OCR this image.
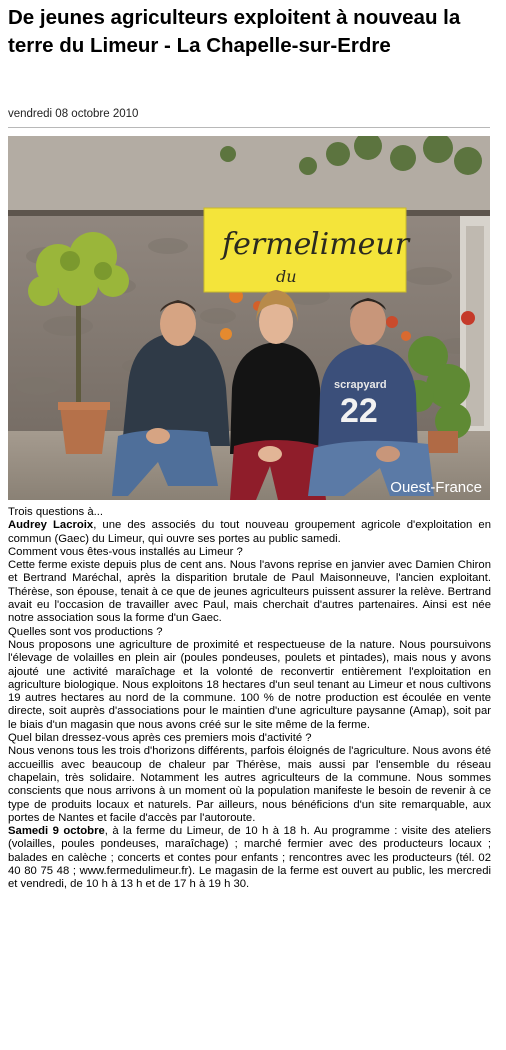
De jeunes agriculteurs exploitent à nouveau la terre du Limeur - La Chapelle-sur-Erdre
vendredi 08 octobre 2010
ferme
limeur
du
scrapyard
22
Ouest-France

Trois questions à...

Audrey Lacroix, une des associés du tout nouveau groupement agricole d'exploitation en commun (Gaec) du Limeur, qui ouvre ses portes au public samedi.

Comment vous êtes-vous installés au Limeur ?

Cette ferme existe depuis plus de cent ans. Nous l'avons reprise en janvier avec Damien Chiron et Bertrand Maréchal, après la disparition brutale de Paul Maisonneuve, l'ancien exploitant. Thérèse, son épouse, tenait à ce que de jeunes agriculteurs puissent assurer la relève. Bertrand avait eu l'occasion de travailler avec Paul, mais cherchait d'autres partenaires. Ainsi est née notre association sous la forme d'un Gaec.

Quelles sont vos productions ?

Nous proposons une agriculture de proximité et respectueuse de la nature. Nous poursuivons l'élevage de volailles en plein air (poules pondeuses, poulets et pintades), mais nous y avons ajouté une activité maraîchage et la volonté de reconvertir entièrement l'exploitation en agriculture biologique. Nous exploitons 18 hectares d'un seul tenant au Limeur et nous cultivons 19 autres hectares au nord de la commune. 100 % de notre production est écoulée en vente directe, soit auprès d'associations pour le maintien d'une agriculture paysanne (Amap), soit par le biais d'un magasin que nous avons créé sur le site même de la ferme.

Quel bilan dressez-vous après ces premiers mois d'activité ?

Nous venons tous les trois d'horizons différents, parfois éloignés de l'agriculture. Nous avons été accueillis avec beaucoup de chaleur par Thérèse, mais aussi par l'ensemble du réseau chapelain, très solidaire. Notamment les autres agriculteurs de la commune. Nous sommes conscients que nous arrivons à un moment où la population manifeste le besoin de revenir à ce type de produits locaux et naturels. Par ailleurs, nous bénéficions d'un site remarquable, aux portes de Nantes et facile d'accès par l'autoroute.

Samedi 9 octobre, à la ferme du Limeur, de 10 h à 18 h. Au programme : visite des ateliers (volailles, poules pondeuses, maraîchage) ; marché fermier avec des producteurs locaux ; balades en calèche ; concerts et contes pour enfants ; rencontres avec les producteurs (tél. 02 40 80 75 48 ; www.fermedulimeur.fr). Le magasin de la ferme est ouvert au public, les mercredi et vendredi, de 10 h à 13 h et de 17 h à 19 h 30.
